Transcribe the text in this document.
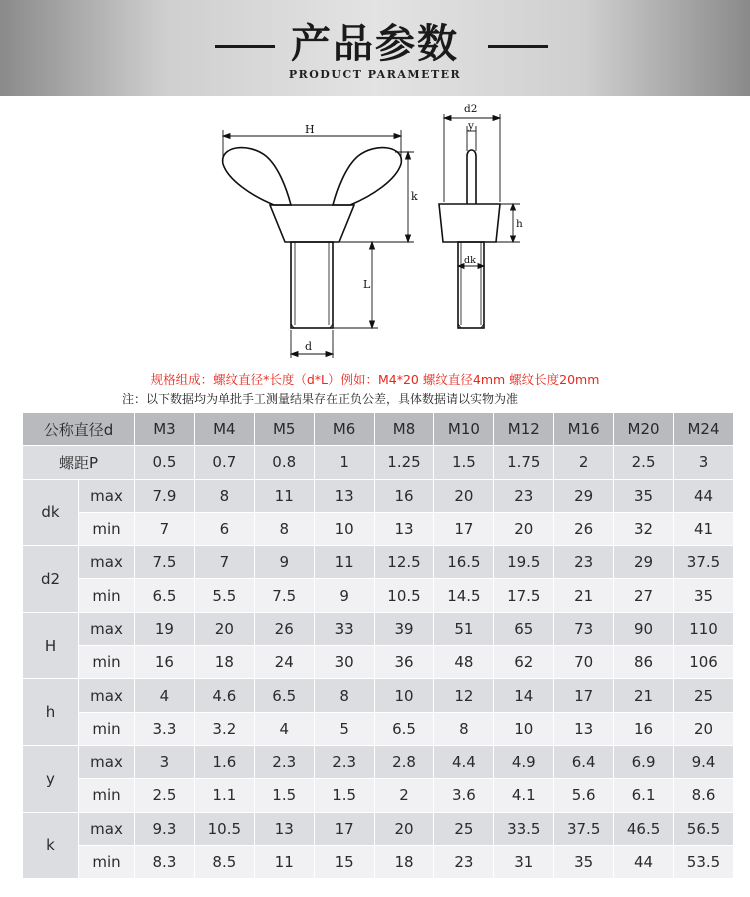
产品参数
PRODUCT PARAMETER
H
k
L
d
d2
y
h
dk
规格组成：螺纹直径*长度（d*L）例如：M4*20 螺纹直径4mm 螺纹长度20mm
注：以下数据均为单批手工测量结果存在正负公差，具体数据请以实物为准
公称直径d		M3	M4	M5	M6	M8	M10	M12	M16	M20	M24
螺距P		0.5	0.7	0.8	1	1.25	1.5	1.75	2	2.5	3
dk	max	7.9	8	11	13	16	20	23	29	35	44
	min	7	6	8	10	13	17	20	26	32	41
d2	max	7.5	7	9	11	12.5	16.5	19.5	23	29	37.5
	min	6.5	5.5	7.5	9	10.5	14.5	17.5	21	27	35
H	max	19	20	26	33	39	51	65	73	90	110
	min	16	18	24	30	36	48	62	70	86	106
h	max	4	4.6	6.5	8	10	12	14	17	21	25
	min	3.3	3.2	4	5	6.5	8	10	13	16	20
y	max	3	1.6	2.3	2.3	2.8	4.4	4.9	6.4	6.9	9.4
	min	2.5	1.1	1.5	1.5	2	3.6	4.1	5.6	6.1	8.6
k	max	9.3	10.5	13	17	20	25	33.5	37.5	46.5	56.5
	min	8.3	8.5	11	15	18	23	31	35	44	53.5
